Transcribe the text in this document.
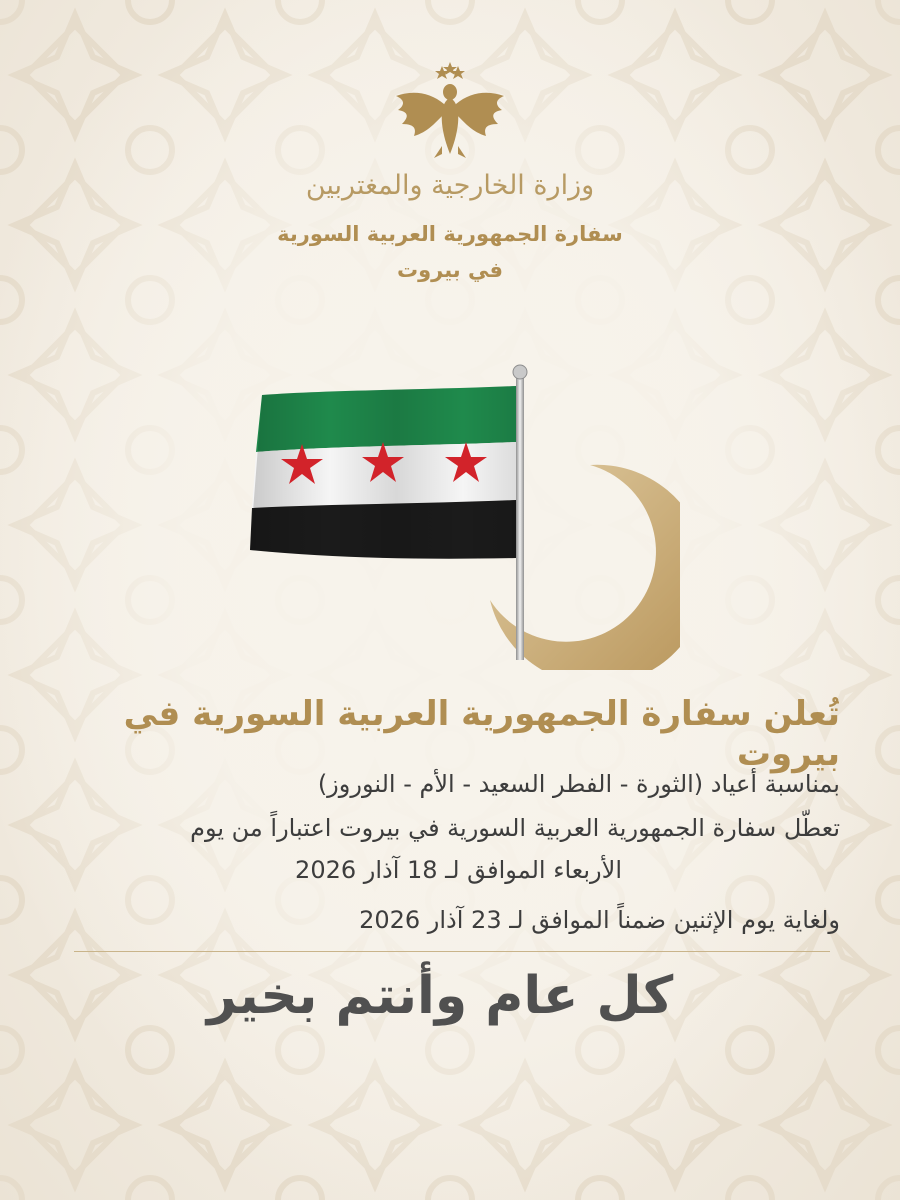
وزارة الخارجية والمغتربين
سفارة الجمهورية العربية السورية
في بيروت
تُعلن سفارة الجمهورية العربية السورية في بيروت
بمناسبة أعياد (الثورة - الفطر السعيد - الأم - النوروز)
تعطّل سفارة الجمهورية العربية السورية في بيروت اعتباراً من يوم
الأربعاء الموافق لـ 18 آذار 2026
ولغاية يوم الإثنين ضمناً الموافق لـ 23 آذار 2026
كل عام وأنتم بخير
